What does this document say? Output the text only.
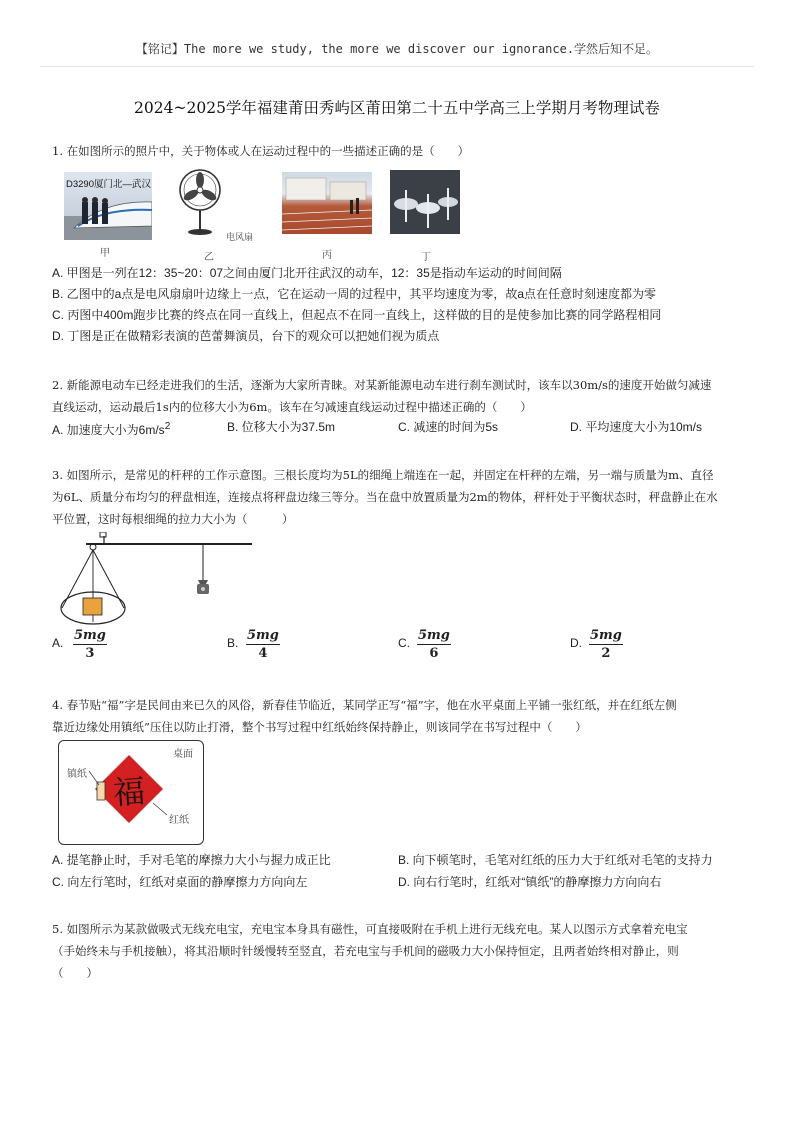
【铭记】The more we study, the more we discover our ignorance.学然后知不足。
2024~2025学年福建莆田秀屿区莆田第二十五中学高三上学期月考物理试卷
1. 在如图所示的照片中，关于物体或人在运动过程中的一些描述正确的是（　　）
D3290厦门北—武汉
甲
电风扇
乙	丙	丁
A. 甲图是一列在12：35~20：07之间由厦门北开往武汉的动车，12：35是指动车运动的时间间隔
B. 乙图中的a点是电风扇扇叶边缘上一点，它在运动一周的过程中，其平均速度为零，故a点在任意时刻速度都为零
C. 丙图中400m跑步比赛的终点在同一直线上，但起点不在同一直线上，这样做的目的是使参加比赛的同学路程相同
D. 丁图是正在做精彩表演的芭蕾舞演员，台下的观众可以把她们视为质点
2. 新能源电动车已经走进我们的生活，逐渐为大家所青睐。对某新能源电动车进行刹车测试时，该车以30m/s的速度开始做匀减速
直线运动，运动最后1s内的位移大小为6m。该车在匀减速直线运动过程中描述正确的（　　）
A. 加速度大小为$6m/s^2$	B. 位移大小为37.5m	C. 减速的时间为5s	D. 平均速度大小为10m/s
3. 如图所示，是常见的杆秤的工作示意图。三根长度均为5L的细绳上端连在一起，并固定在杆秤的左端，另一端与质量为m、直径
为6L、质量分布均匀的秤盘相连，连接点将秤盘边缘三等分。当在盘中放置质量为2m的物体，秤杆处于平衡状态时，秤盘静止在水
平位置，这时每根细绳的拉力大小为（　　　）
A. $\frac{5mg}{3}$	B. $\frac{5mg}{4}$	C. $\frac{5mg}{6}$	D. $\frac{5mg}{2}$
4. 春节贴“福”字是民间由来已久的风俗，新春佳节临近，某同学正写“福”字，他在水平桌面上平铺一张红纸，并在红纸左侧
靠近边缘处用镇纸”压住以防止打滑，整个书写过程中红纸始终保持静止，则该同学在书写过程中（　　）
福
桌面
镇纸
红纸
A. 提笔静止时，手对毛笔的摩擦力大小与握力成正比	B. 向下顿笔时，毛笔对红纸的压力大于红纸对毛笔的支持力
C. 向左行笔时，红纸对桌面的静摩擦力方向向左	D. 向右行笔时，红纸对“镇纸”的静摩擦力方向向右
5. 如图所示为某款做吸式无线充电宝，充电宝本身具有磁性，可直接吸附在手机上进行无线充电。某人以图示方式拿着充电宝
（手始终未与手机接触），将其沿顺时针缓慢转至竖直，若充电宝与手机间的磁吸力大小保持恒定，且两者始终相对静止，则
（　　）
